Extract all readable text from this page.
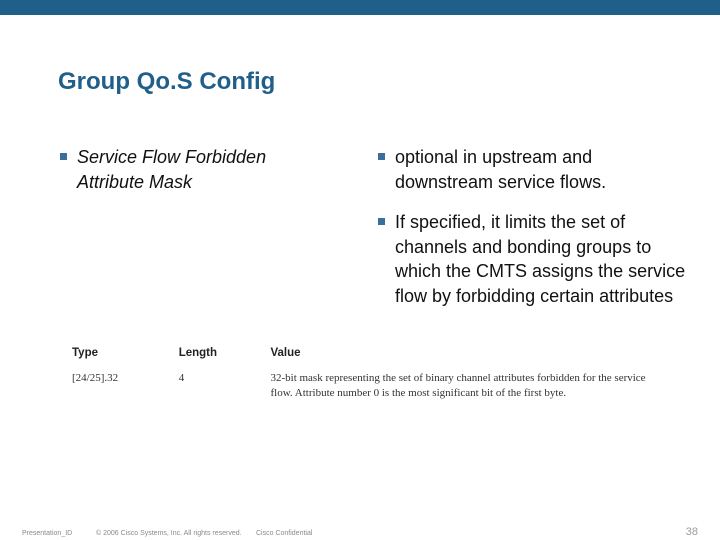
Group Qo.S Config
Service Flow Forbidden Attribute Mask
optional in upstream and downstream service flows.
If specified, it limits the set of channels and bonding groups to which the CMTS assigns the service flow by forbidding certain attributes
Type	Length	Value
[24/25].32	4	32-bit mask representing the set of binary channel attributes forbidden for the service flow. Attribute number 0 is the most significant bit of the first byte.
Presentation_ID	© 2006 Cisco Systems, Inc. All rights reserved. Cisco Confidential	38
